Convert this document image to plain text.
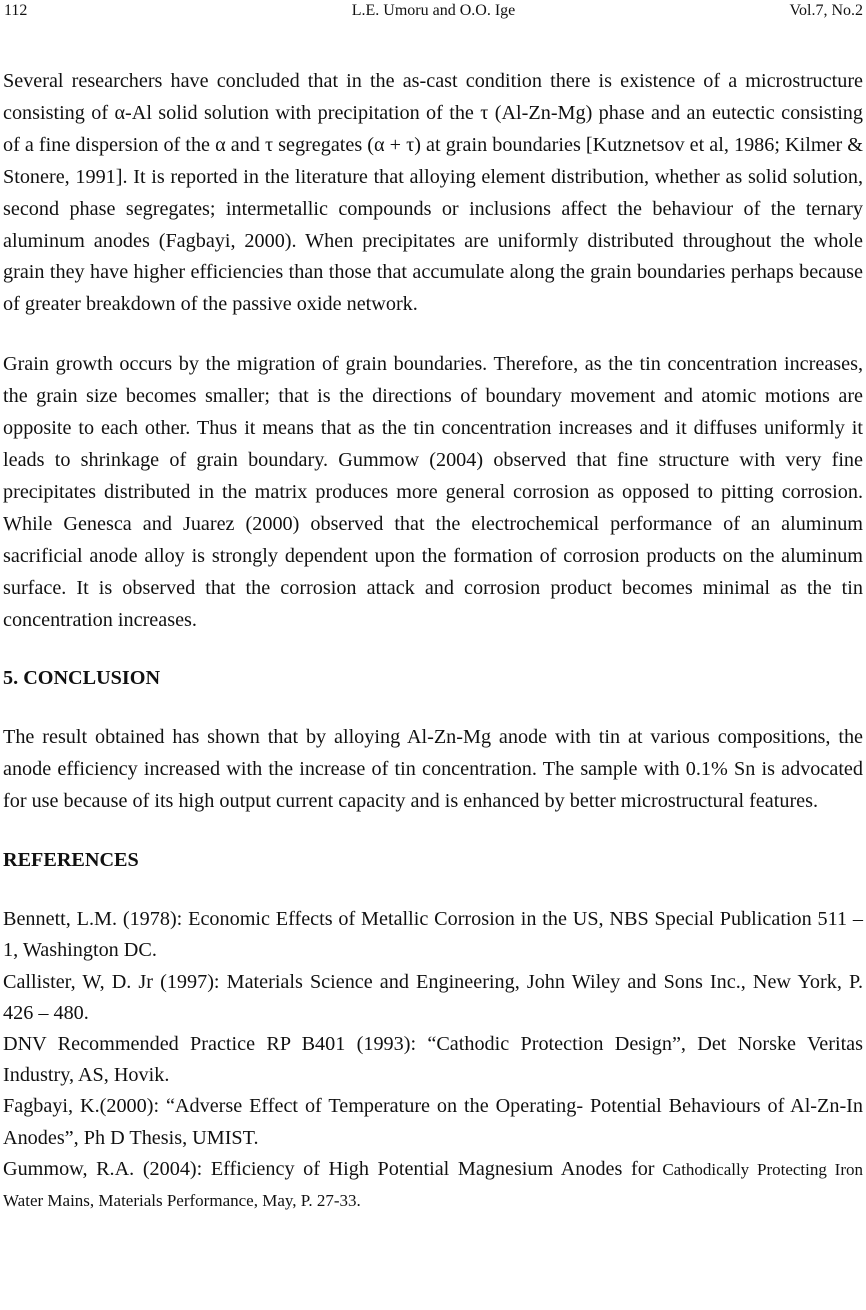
112	L.E. Umoru and O.O. Ige	Vol.7, No.2

Several researchers have concluded that in the as-cast condition there is existence of a microstructure consisting of α-Al solid solution with precipitation of the τ (Al-Zn-Mg) phase and an eutectic consisting of a fine dispersion of the α and τ segregates (α + τ) at grain boundaries [Kutznetsov et al, 1986; Kilmer & Stonere, 1991]. It is reported in the literature that alloying element distribution, whether as solid solution, second phase segregates; intermetallic compounds or inclusions affect the behaviour of the ternary aluminum anodes (Fagbayi, 2000). When precipitates are uniformly distributed throughout the whole grain they have higher efficiencies than those that accumulate along the grain boundaries perhaps because of greater breakdown of the passive oxide network.

Grain growth occurs by the migration of grain boundaries. Therefore, as the tin concentration increases, the grain size becomes smaller; that is the directions of boundary movement and atomic motions are opposite to each other. Thus it means that as the tin concentration increases and it diffuses uniformly it leads to shrinkage of grain boundary. Gummow (2004) observed that fine structure with very fine precipitates distributed in the matrix produces more general corrosion as opposed to pitting corrosion. While Genesca and Juarez (2000) observed that the electrochemical performance of an aluminum sacrificial anode alloy is strongly dependent upon the formation of corrosion products on the aluminum surface. It is observed that the corrosion attack and corrosion product becomes minimal as the tin concentration increases.

5. CONCLUSION

The result obtained has shown that by alloying Al-Zn-Mg anode with tin at various compositions, the anode efficiency increased with the increase of tin concentration. The sample with 0.1% Sn is advocated for use because of its high output current capacity and is enhanced by better microstructural features.

REFERENCES

Bennett, L.M. (1978): Economic Effects of Metallic Corrosion in the US, NBS Special Publication 511 – 1, Washington DC.

Callister, W, D. Jr (1997): Materials Science and Engineering, John Wiley and Sons Inc., New York, P. 426 – 480.

DNV Recommended Practice RP B401 (1993): “Cathodic Protection Design”, Det Norske Veritas Industry, AS, Hovik.

Fagbayi, K.(2000): “Adverse Effect of Temperature on the Operating- Potential Behaviours of Al-Zn-In Anodes”, Ph D Thesis, UMIST.

Gummow, R.A. (2004): Efficiency of High Potential Magnesium Anodes for Cathodically Protecting Iron Water Mains, Materials Performance, May, P. 27-33.
